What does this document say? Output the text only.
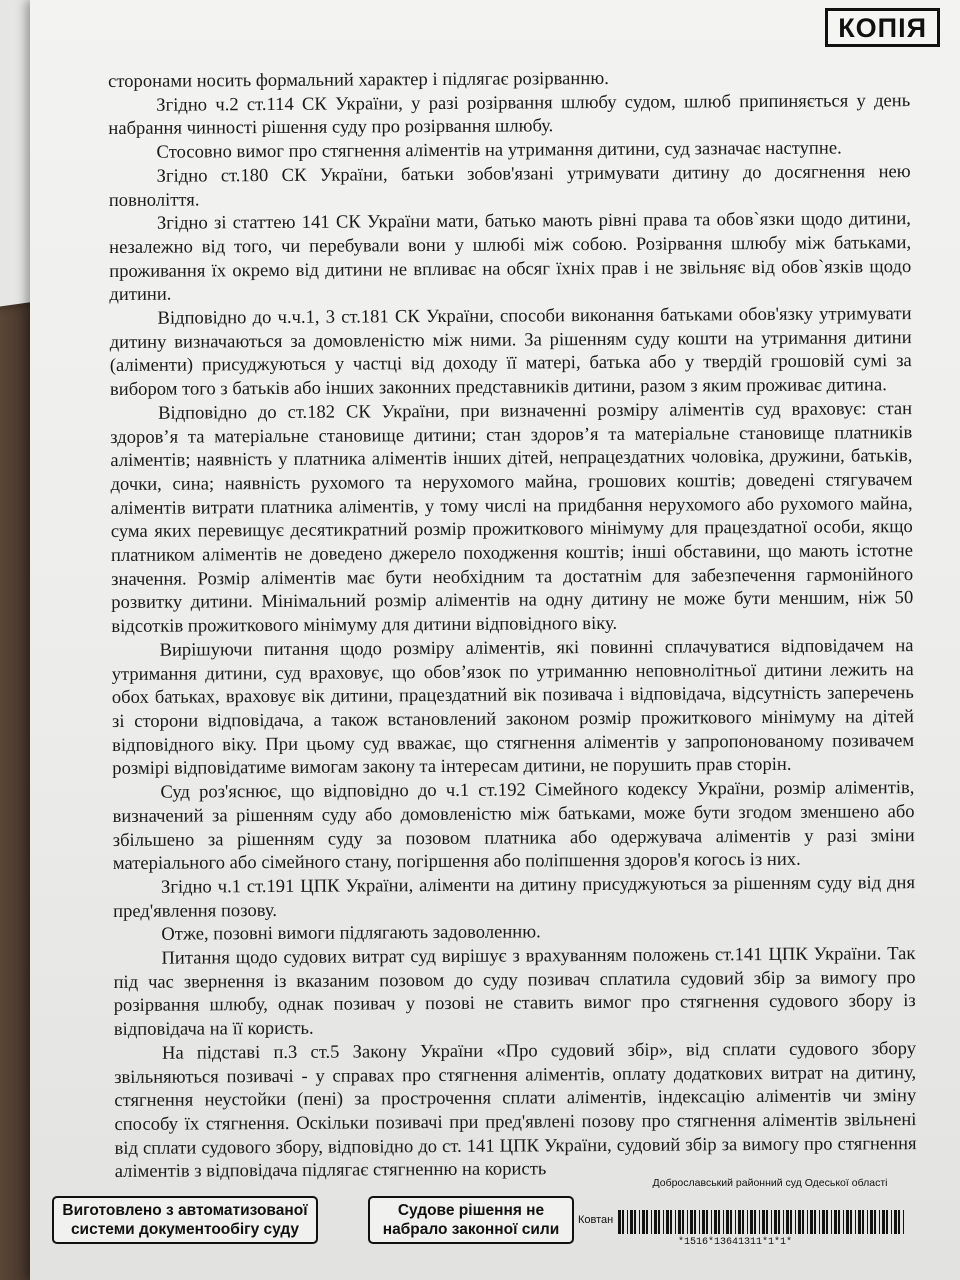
КОПІЯ

сторонами носить формальний характер і підлягає розірванню.

Згідно ч.2 ст.114 СК України, у разі розірвання шлюбу судом, шлюб припиняється у день набрання чинності рішення суду про розірвання шлюбу.

Стосовно вимог про стягнення аліментів на утримання дитини, суд зазначає наступне.

Згідно ст.180 СК України, батьки зобов'язані утримувати дитину до досягнення нею повноліття.

Згідно зі статтею 141 СК України мати, батько мають рівні права та обов`язки щодо дитини, незалежно від того, чи перебували вони у шлюбі між собою. Розірвання шлюбу між батьками, проживання їх окремо від дитини не впливає на обсяг їхніх прав і не звільняє від обов`язків щодо дитини.

Відповідно до ч.ч.1, 3 ст.181 СК України, способи виконання батьками обов'язку утримувати дитину визначаються за домовленістю між ними. За рішенням суду кошти на утримання дитини (аліменти) присуджуються у частці від доходу її матері, батька або у твердій грошовій сумі за вибором того з батьків або інших законних представників дитини, разом з яким проживає дитина.

Відповідно до ст.182 СК України, при визначенні розміру аліментів суд враховує: стан здоров’я та матеріальне становище дитини; стан здоров’я та матеріальне становище платників аліментів; наявність у платника аліментів інших дітей, непрацездатних чоловіка, дружини, батьків, дочки, сина; наявність рухомого та нерухомого майна, грошових коштів; доведені стягувачем аліментів витрати платника аліментів, у тому числі на придбання нерухомого або рухомого майна, сума яких перевищує десятикратний розмір прожиткового мінімуму для працездатної особи, якщо платником аліментів не доведено джерело походження коштів; інші обставини, що мають істотне значення. Розмір аліментів має бути необхідним та достатнім для забезпечення гармонійного розвитку дитини. Мінімальний розмір аліментів на одну дитину не може бути меншим, ніж 50 відсотків прожиткового мінімуму для дитини відповідного віку.

Вирішуючи питання щодо розміру аліментів, які повинні сплачуватися відповідачем на утримання дитини, суд враховує, що обов’язок по утриманню неповнолітньої дитини лежить на обох батьках, враховує вік дитини, працездатний вік позивача і відповідача, відсутність заперечень зі сторони відповідача, а також встановлений законом розмір прожиткового мінімуму на дітей відповідного віку. При цьому суд вважає, що стягнення аліментів у запропонованому позивачем розмірі відповідатиме вимогам закону та інтересам дитини, не порушить прав сторін.

Суд роз'яснює, що відповідно до ч.1 ст.192 Сімейного кодексу України, розмір аліментів, визначений за рішенням суду або домовленістю між батьками, може бути згодом зменшено або збільшено за рішенням суду за позовом платника або одержувача аліментів у разі зміни матеріального або сімейного стану, погіршення або поліпшення здоров'я когось із них.

Згідно ч.1 ст.191 ЦПК України, аліменти на дитину присуджуються за рішенням суду від дня пред'явлення позову.

Отже, позовні вимоги підлягають задоволенню.

Питання щодо судових витрат суд вирішує з врахуванням положень ст.141 ЦПК України. Так під час звернення із вказаним позовом до суду позивач сплатила судовий збір за вимогу про розірвання шлюбу, однак позивач у позові не ставить вимог про стягнення судового збору із відповідача на її користь.

На підставі п.3 ст.5 Закону України «Про судовий збір», від сплати судового збору звільняються позивачі - у справах про стягнення аліментів, оплату додаткових витрат на дитину, стягнення неустойки (пені) за прострочення сплати аліментів, індексацію аліментів чи зміну способу їх стягнення. Оскільки позивачі при пред'явлені позову про стягнення аліментів звільнені від сплати судового збору, відповідно до ст. 141 ЦПК України, судовий збір за вимогу про стягнення аліментів з відповідача підлягає стягненню на користь

Виготовлено з автоматизованої системи документообігу суду
Судове рішення не набрало законної сили
Доброславський районний суд Одеської області
Ковтан
*1516*13641311*1*1*
